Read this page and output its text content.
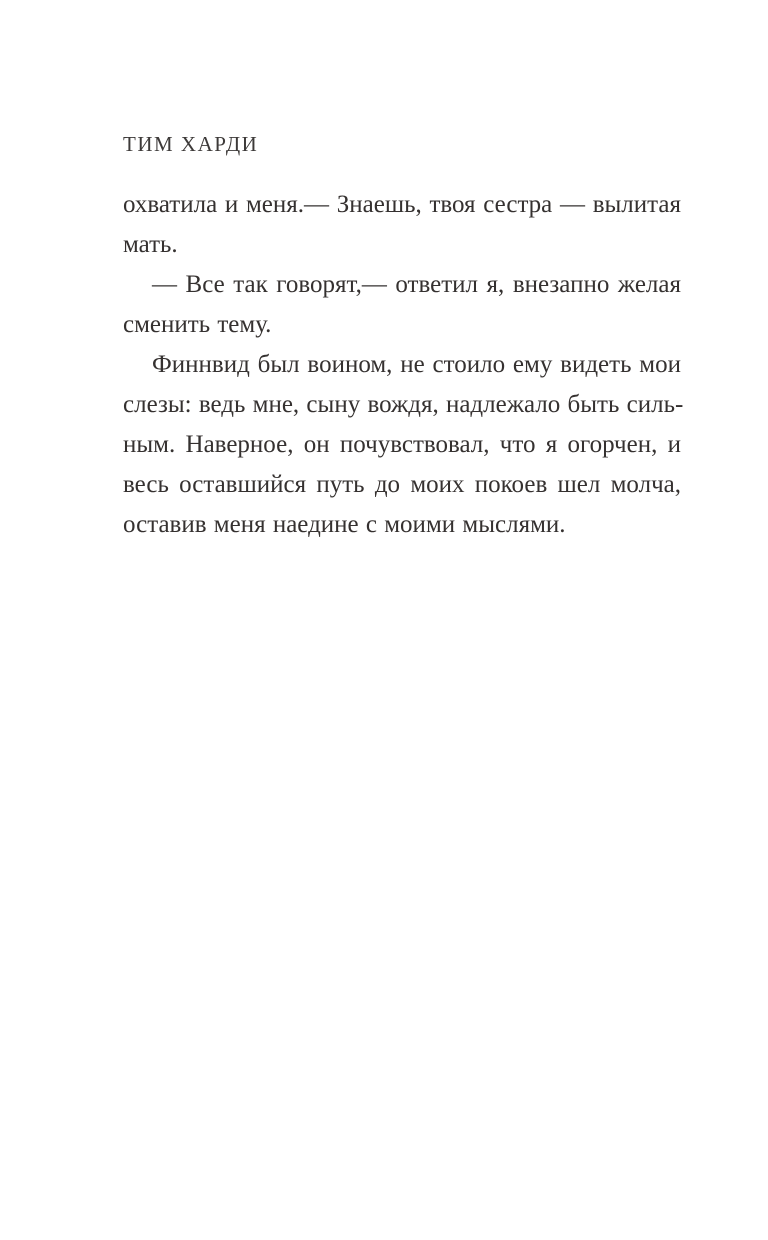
ТИМ ХАРДИ
охватила и меня.— Знаешь, твоя сестра — вылитая
мать.
— Все так говорят,— ответил я, внезапно желая
сменить тему.
Финнвид был воином, не стоило ему видеть мои
слезы: ведь мне, сыну вождя, надлежало быть силь-
ным. Наверное, он почувствовал, что я огорчен, и
весь оставшийся путь до моих покоев шел молча,
оставив меня наедине с моими мыслями.
